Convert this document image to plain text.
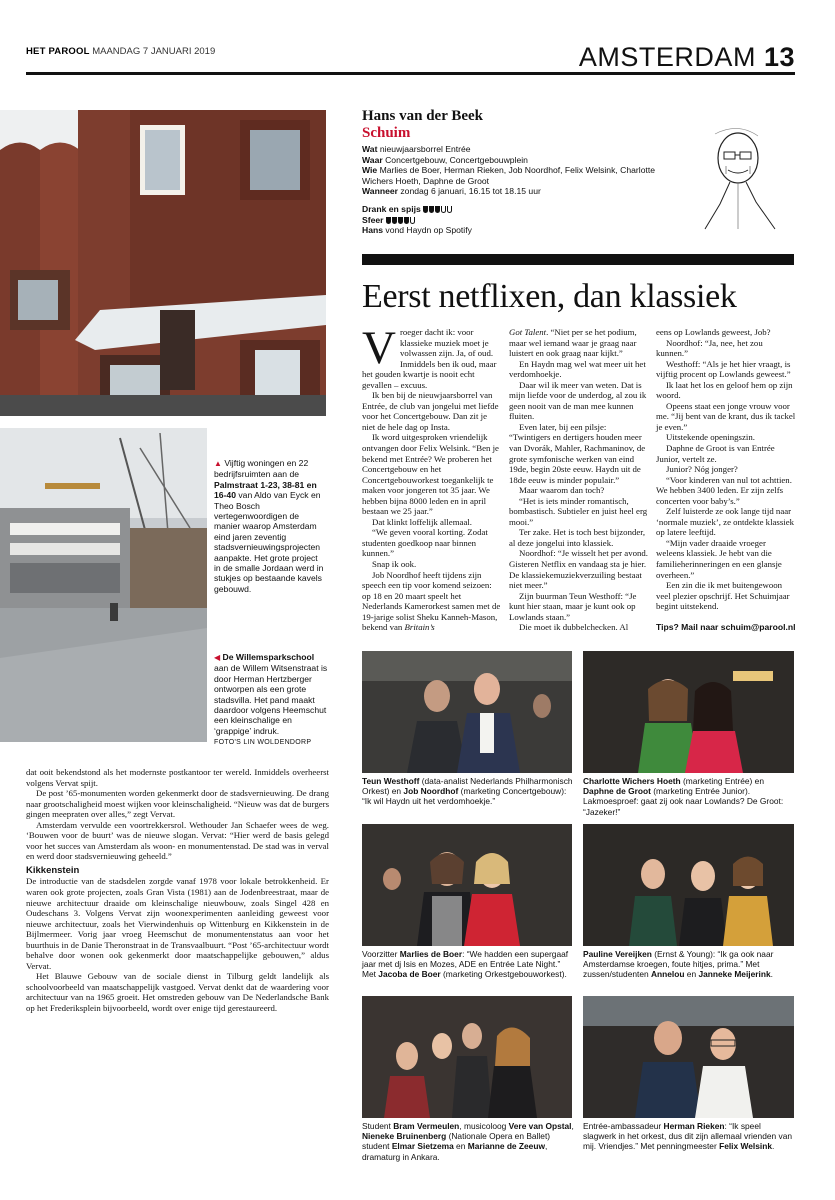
HET PAROOL MAANDAG 7 JANUARI 2019	AMSTERDAM 13
▲ Vijftig woningen en 22 bedrijfsruimten aan de Palmstraat 1-23, 38-81 en 16-40 van Aldo van Eyck en Theo Bosch vertegenwoordigen de manier waarop Amsterdam eind jaren zeventig stadsvernieuwingsprojecten aanpakte. Het grote project in de smalle Jordaan werd in stukjes op bestaande kavels gebouwd.
◀ De Willemsparkschool aan de Willem Witsenstraat is door Herman Hertzberger ontworpen als een grote stadsvilla. Het pand maakt daardoor volgens Heemschut een kleinschalige en ‘grappige’ indruk.
FOTO'S LIN WOLDENDORP

dat ooit bekendstond als het modernste postkantoor ter wereld. Inmiddels overheerst volgens Vervat spijt.

De post ’65-monumenten worden gekenmerkt door de stadsvernieuwing. De drang naar grootschaligheid moest wijken voor kleinschaligheid. “Nieuw was dat de burgers gingen meepraten over alles,” zegt Vervat.

Amsterdam vervulde een voortrekkersrol. Wethouder Jan Schaefer wees de weg. ‘Bouwen voor de buurt’ was de nieuwe slogan. Vervat: “Hier werd de basis gelegd voor het succes van Amsterdam als woon- en monumentenstad. De stad was in verval en werd door stadsvernieuwing geheeld.”

Kikkenstein

De introductie van de stadsdelen zorgde vanaf 1978 voor lokale betrokkenheid. Er waren ook grote projecten, zoals Gran Vista (1981) aan de Jodenbreestraat, maar de nieuwe architectuur draaide om kleinschalige nieuwbouw, zoals Singel 428 en Oudeschans 3. Volgens Vervat zijn woonexperimenten aanleiding geweest voor nieuwe architectuur, zoals het Vierwindenhuis op Wittenburg en Kikkenstein in de Bijlmermeer. Vorig jaar vroeg Heemschut de monumentenstatus aan voor het buurthuis in de Danie Theronstraat in de Transvaalbuurt. “Post ’65-architectuur wordt behalve door wonen ook gekenmerkt door maatschappelijke gebouwen,” aldus Vervat.

Het Blauwe Gebouw van de sociale dienst in Tilburg geldt landelijk als schoolvoorbeeld van maatschappelijk vastgoed. Vervat denkt dat de waardering voor architectuur van na 1965 groeit. Het omstreden gebouw van De Nederlandsche Bank op het Frederiksplein bijvoorbeeld, wordt over enige tijd gerestaureerd.

Hans van der Beek
Schuim
Wat nieuwjaarsborrel Entrée
Waar Concertgebouw, Concertgebouwplein
Wie Marlies de Boer, Herman Rieken, Job Noordhof, Felix Welsink, Charlotte Wichers Hoeth, Daphne de Groot
Wanneer zondag 6 januari, 16.15 tot 18.15 uur
Drank en spijs
Sfeer
Hans vond Haydn op Spotify
Eerst netflixen, dan klassiek

Vroeger dacht ik: voor klassieke muziek moet je volwassen zijn. Ja, of oud. Inmiddels ben ik oud, maar het gouden kwartje is nooit echt gevallen – excuus.

Ik ben bij de nieuwjaarsborrel van Entrée, de club van jongelui met liefde voor het Concertgebouw. Dan zit je niet de hele dag op Insta.

Ik word uitgesproken vriendelijk ontvangen door Felix Welsink. “Ben je bekend met Entrée? We proberen het Concertgebouw en het Concertgebouworkest toegankelijk te maken voor jongeren tot 35 jaar. We hebben bijna 8000 leden en in april bestaan we 25 jaar.”

Dat klinkt loffelijk allemaal.

“We geven vooral korting. Zodat studenten goedkoop naar binnen kunnen.”

Snap ik ook.

Job Noordhof heeft tijdens zijn speech een tip voor komend seizoen: op 18 en 20 maart speelt het Nederlands Kamerorkest samen met de 19-jarige solist Sheku Kanneh-Mason, bekend van Britain’s

Got Talent. “Niet per se het podium, maar wel iemand waar je graag naar luistert en ook graag naar kijkt.”

En Haydn mag wel wat meer uit het verdomhoekje.

Daar wil ik meer van weten. Dat is mijn liefde voor de underdog, al zou ik geen nooit van de man mee kunnen fluiten.

Even later, bij een pilsje: “Twintigers en dertigers houden meer van Dvorák, Mahler, Rachmaninov, de grote symfonische werken van eind 19de, begin 20ste eeuw. Haydn uit de 18de eeuw is minder populair.”

Maar waarom dan toch?

“Het is iets minder romantisch, bombastisch. Subtieler en juist heel erg mooi.”

Ter zake. Het is toch best bijzonder, al deze jongelui into klassiek.

Noordhof: “Je wisselt het per avond. Gisteren Netflix en vandaag sta je hier. De klassiekemuziekverzuiling bestaat niet meer.”

Zijn buurman Teun Westhoff: “Je kunt hier staan, maar je kunt ook op Lowlands staan.”

Die moet ik dubbelchecken. Al

eens op Lowlands geweest, Job?

Noordhof: “Ja, nee, het zou kunnen.”

Westhoff: “Als je het hier vraagt, is vijftig procent op Lowlands geweest.”

Ik laat het los en geloof hem op zijn woord.

Opeens staat een jonge vrouw voor me. “Jij bent van de krant, dus ik tackel je even.”

Uitstekende openingszin.

Daphne de Groot is van Entrée Junior, vertelt ze.

Junior? Nóg jonger?

“Voor kinderen van nul tot achttien. We hebben 3400 leden. Er zijn zelfs concerten voor baby’s.”

Zelf luisterde ze ook lange tijd naar ‘normale muziek’, ze ontdekte klassiek op latere leeftijd.

“Mijn vader draaide vroeger weleens klassiek. Je hebt van die familieherinneringen en een glansje overheen.”

Een zin die ik met buitengewoon veel plezier opschrijf. Het Schuimjaar begint uitstekend.

Tips? Mail naar schuim@parool.nl
Teun Westhoff (data-analist Nederlands Philharmonisch Orkest) en Job Noordhof (marketing Concertgebouw): “Ik wil Haydn uit het verdomhoekje.”
Charlotte Wichers Hoeth (marketing Entrée) en Daphne de Groot (marketing Entrée Junior). Lakmoesproef: gaat zij ook naar Lowlands? De Groot: “Jazeker!”
Voorzitter Marlies de Boer: “We hadden een supergaaf jaar met dj Isis en Mozes, ADE en Entrée Late Night.” Met Jacoba de Boer (marketing Orkestgebouworkest).
Pauline Vereijken (Ernst & Young): “Ik ga ook naar Amsterdamse kroegen, foute hitjes, prima.” Met zussen/studenten Annelou en Janneke Meijerink.
Student Bram Vermeulen, musicoloog Vere van Opstal, Nieneke Bruinenberg (Nationale Opera en Ballet) student Elmar Sietzema en Marianne de Zeeuw, dramaturg in Ankara.
Entrée-ambassadeur Herman Rieken: “Ik speel slagwerk in het orkest, dus dit zijn allemaal vrienden van mij. Vriendjes.” Met penningmeester Felix Welsink.
